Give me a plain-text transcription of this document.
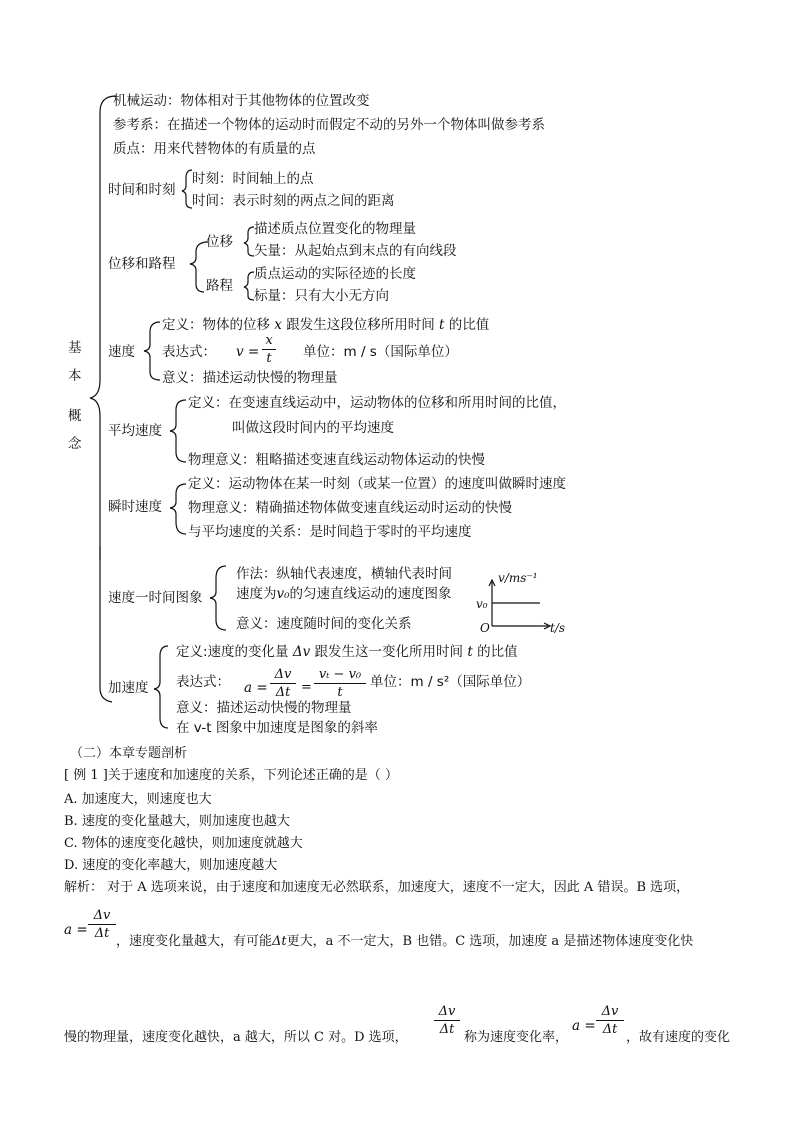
基
本
概
念
机械运动：物体相对于其他物体的位置改变
参考系：在描述一个物体的运动时而假定不动的另外一个物体叫做参考系
质点：用来代替物体的有质量的点
时间和时刻
时刻：时间轴上的点
时间：表示时刻的两点之间的距离
位移和路程
位移
描述质点位置变化的物理量
矢量：从起始点到末点的有向线段
路程
质点运动的实际径迹的长度
标量：只有大小无方向
速度
定义：物体的位移 x 跟发生这段位移所用时间 t 的比值
表达式： v =
x
t	单位：m / s（国际单位）
意义：描述运动快慢的物理量
平均速度
定义：在变速直线运动中，运动物体的位移和所用时间的比值，
叫做这段时间内的平均速度
物理意义：粗略描述变速直线运动物体运动的快慢
瞬时速度
定义：运动物体在某一时刻（或某一位置）的速度叫做瞬时速度
物理意义：精确描述物体做变速直线运动时运动的快慢
与平均速度的关系：是时间趋于零时的平均速度
速度一时间图象
作法：纵轴代表速度，横轴代表时间
速度为v₀的匀速直线运动的速度图象
意义：速度随时间的变化关系
v/ms⁻¹
t/s
O
v₀
加速度
定义:速度的变化量 Δv 跟发生这一变化所用时间 t 的比值
表达式： a =
Δv
Δt =
vₜ − v₀
t
单位：m / s²（国际单位）
意义：描述运动快慢的物理量
在 v-t 图象中加速度是图象的斜率
（二）本章专题剖析
[ 例 1 ]关于速度和加速度的关系，下列论述正确的是（ ）
A. 加速度大，则速度也大
B. 速度的变化量越大，则加速度也越大
C. 物体的速度变化越快，则加速度就越大
D. 速度的变化率越大，则加速度越大
解析： 对于 A 选项来说，由于速度和加速度无必然联系，加速度大，速度不一定大，因此 A 错误。B 选项，
a =
Δv
Δt
，速度变化量越大，有可能Δt更大，a 不一定大，B 也错。C 选项，加速度 a 是描述物体速度变化快
慢的物理量，速度变化越快，a 越大，所以 C 对。D 选项，
Δv
Δt
称为速度变化率，
a =
Δv
Δt
，故有速度的变化
